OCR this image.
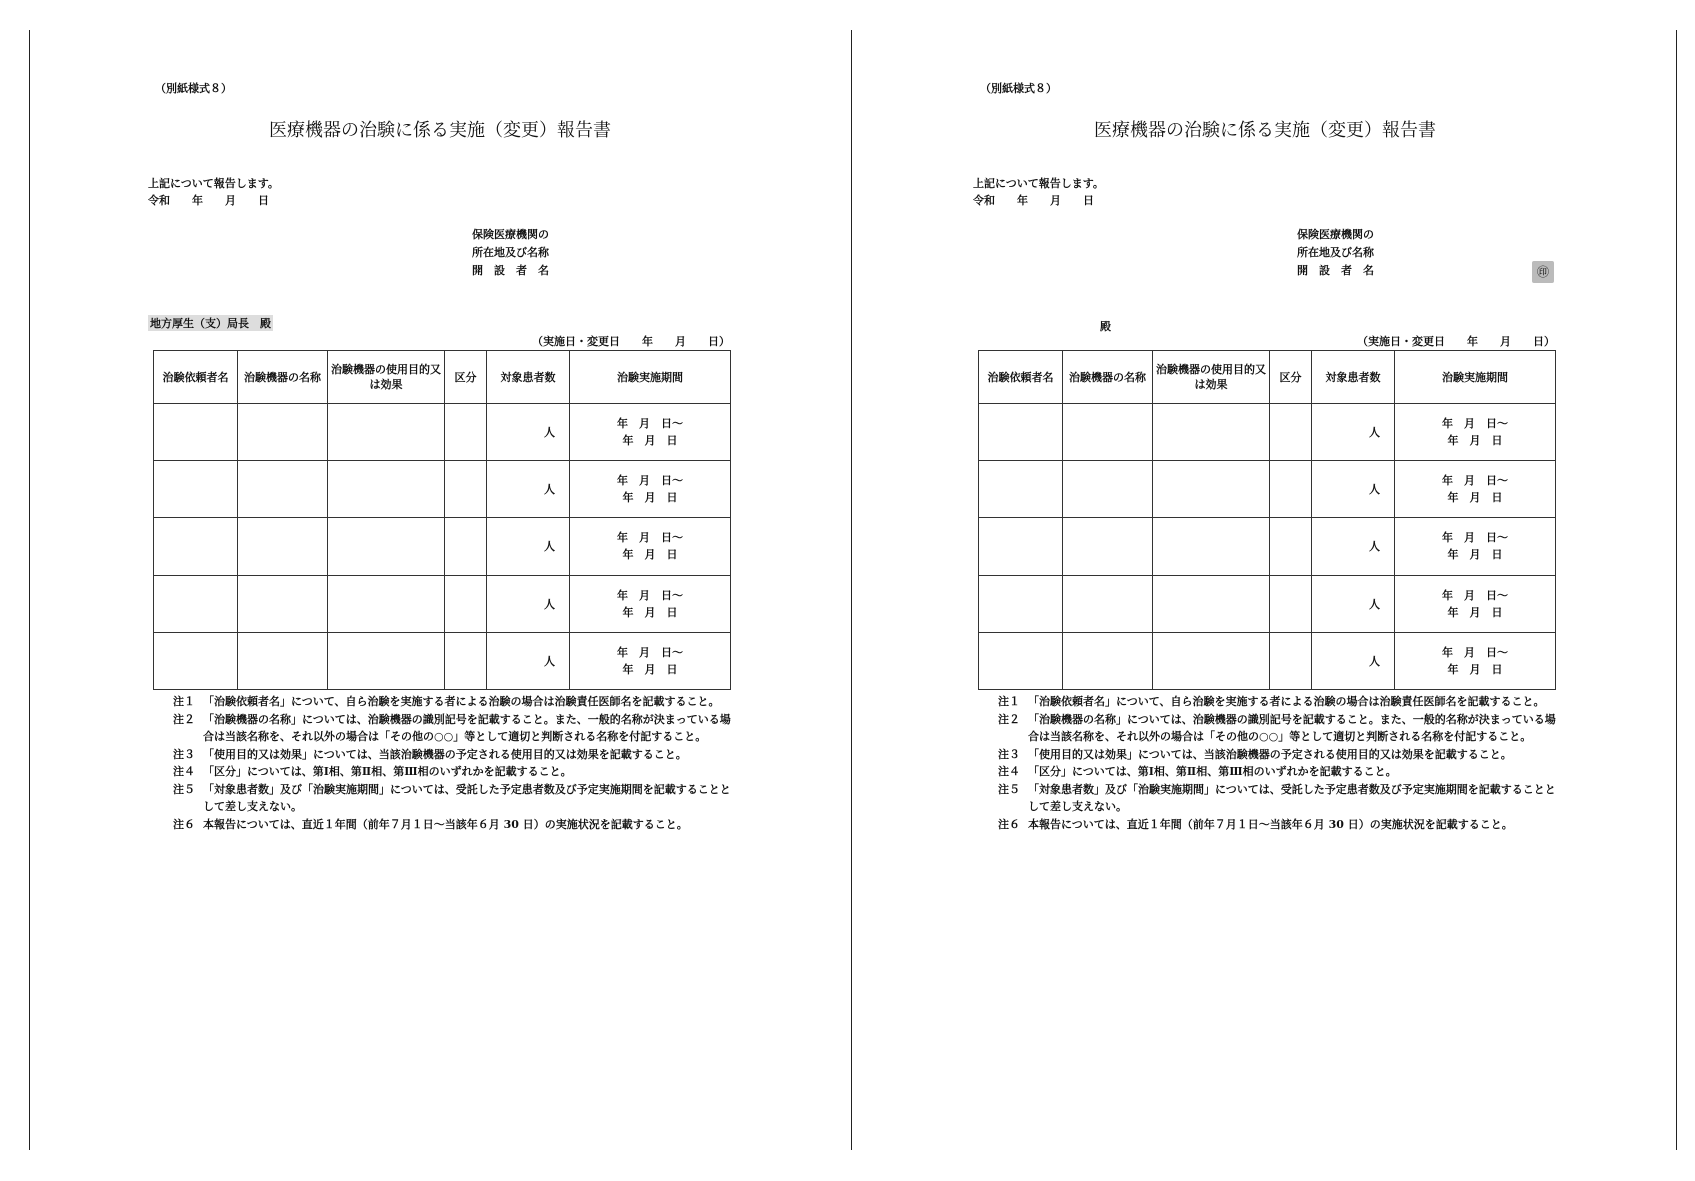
（別紙様式８）
医療機器の治験に係る実施（変更）報告書
上記について報告します。
令和　　年　　月　　日
保険医療機関の
所在地及び名称
開　設　者　名
地方厚生（支）局長　殿
（実施日・変更日　　年　　月　　日）
治験依頼者名	治験機器の名称	治験機器の使用目的又は効果	区分	対象患者数	治験実施期間
				人	年　月　日～
年　月　日

				人	年　月　日～
年　月　日

				人	年　月　日～
年　月　日

				人	年　月　日～
年　月　日

				人	年　月　日～
年　月　日
注１ 「治験依頼者名」について、自ら治験を実施する者による治験の場合は治験責任医師名を記載すること。
注２ 「治験機器の名称」については、治験機器の識別記号を記載すること。また、一般的名称が決まっている場合は当該名称を、それ以外の場合は「その他の○○」等として適切と判断される名称を付記すること。
注３ 「使用目的又は効果」については、当該治験機器の予定される使用目的又は効果を記載すること。
注４ 「区分」については、第Ⅰ相、第Ⅱ相、第Ⅲ相のいずれかを記載すること。
注５ 「対象患者数」及び「治験実施期間」については、受託した予定患者数及び予定実施期間を記載することとして差し支えない。
注６ 本報告については、直近１年間（前年７月１日～当該年６月 30 日）の実施状況を記載すること。
（別紙様式８）
医療機器の治験に係る実施（変更）報告書
上記について報告します。
令和　　年　　月　　日
保険医療機関の
所在地及び名称
開　設　者　名	㊞
殿
（実施日・変更日　　年　　月　　日）
治験依頼者名	治験機器の名称	治験機器の使用目的又は効果	区分	対象患者数	治験実施期間
				人	年　月　日～
年　月　日

				人	年　月　日～
年　月　日

				人	年　月　日～
年　月　日

				人	年　月　日～
年　月　日

				人	年　月　日～
年　月　日
注１ 「治験依頼者名」について、自ら治験を実施する者による治験の場合は治験責任医師名を記載すること。
注２ 「治験機器の名称」については、治験機器の識別記号を記載すること。また、一般的名称が決まっている場合は当該名称を、それ以外の場合は「その他の○○」等として適切と判断される名称を付記すること。
注３ 「使用目的又は効果」については、当該治験機器の予定される使用目的又は効果を記載すること。
注４ 「区分」については、第Ⅰ相、第Ⅱ相、第Ⅲ相のいずれかを記載すること。
注５ 「対象患者数」及び「治験実施期間」については、受託した予定患者数及び予定実施期間を記載することとして差し支えない。
注６ 本報告については、直近１年間（前年７月１日～当該年６月 30 日）の実施状況を記載すること。
